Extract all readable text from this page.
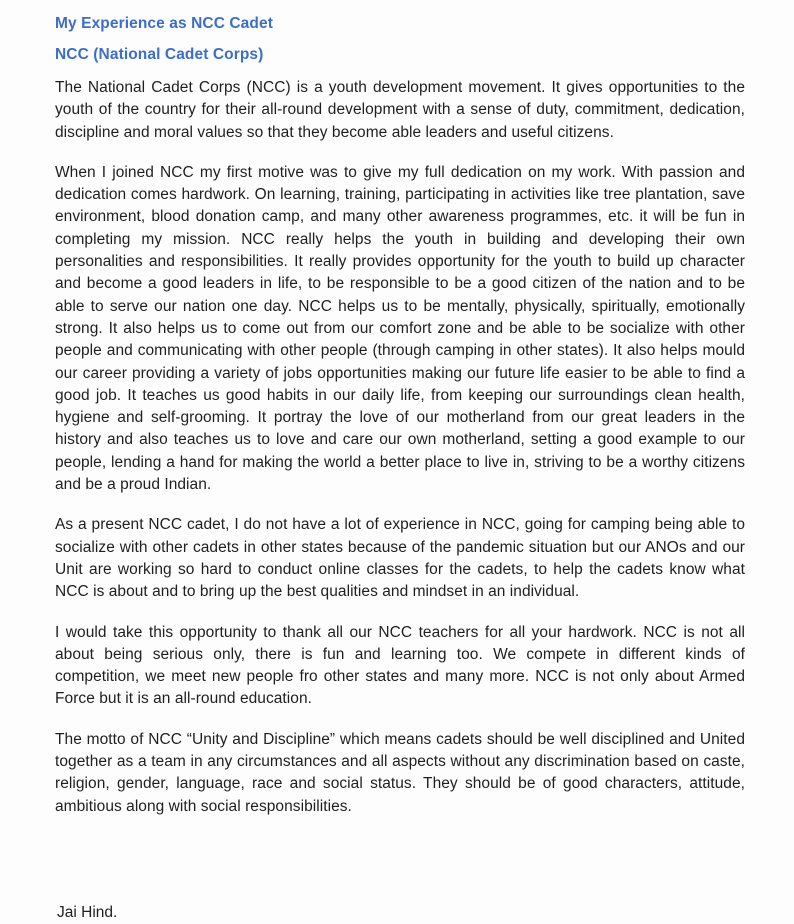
My Experience as NCC Cadet
NCC (National Cadet Corps)

The National Cadet Corps (NCC) is a youth development movement. It gives opportunities to the youth of the country for their all-round development with a sense of duty, commitment, dedication, discipline and moral values so that they become able leaders and useful citizens.

When I joined NCC my first motive was to give my full dedication on my work. With passion and dedication comes hardwork. On learning, training, participating in activities like tree plantation, save environment, blood donation camp, and many other awareness programmes, etc. it will be fun in completing my mission. NCC really helps the youth in building and developing their own personalities and responsibilities. It really provides opportunity for the youth to build up character and become a good leaders in life, to be responsible to be a good citizen of the nation and to be able to serve our nation one day. NCC helps us to be mentally, physically, spiritually, emotionally strong. It also helps us to come out from our comfort zone and be able to be socialize with other people and communicating with other people (through camping in other states). It also helps mould our career providing a variety of jobs opportunities making our future life easier to be able to find a good job. It teaches us good habits in our daily life, from keeping our surroundings clean health, hygiene and self-grooming. It portray the love of our motherland from our great leaders in the history and also teaches us to love and care our own motherland, setting a good example to our people, lending a hand for making the world a better place to live in, striving to be a worthy citizens and be a proud Indian.

As a present NCC cadet, I do not have a lot of experience in NCC, going for camping being able to socialize with other cadets in other states because of the pandemic situation but our ANOs and our Unit are working so hard to conduct online classes for the cadets, to help the cadets know what NCC is about and to bring up the best qualities and mindset in an individual.

I would take this opportunity to thank all our NCC teachers for all your hardwork. NCC is not all about being serious only, there is fun and learning too. We compete in different kinds of competition, we meet new people fro other states and many more. NCC is not only about Armed Force but it is an all-round education.

The motto of NCC “Unity and Discipline” which means cadets should be well disciplined and United together as a team in any circumstances and all aspects without any discrimination based on caste, religion, gender, language, race and social status. They should be of good characters, attitude, ambitious along with social responsibilities.

Jai Hind.
